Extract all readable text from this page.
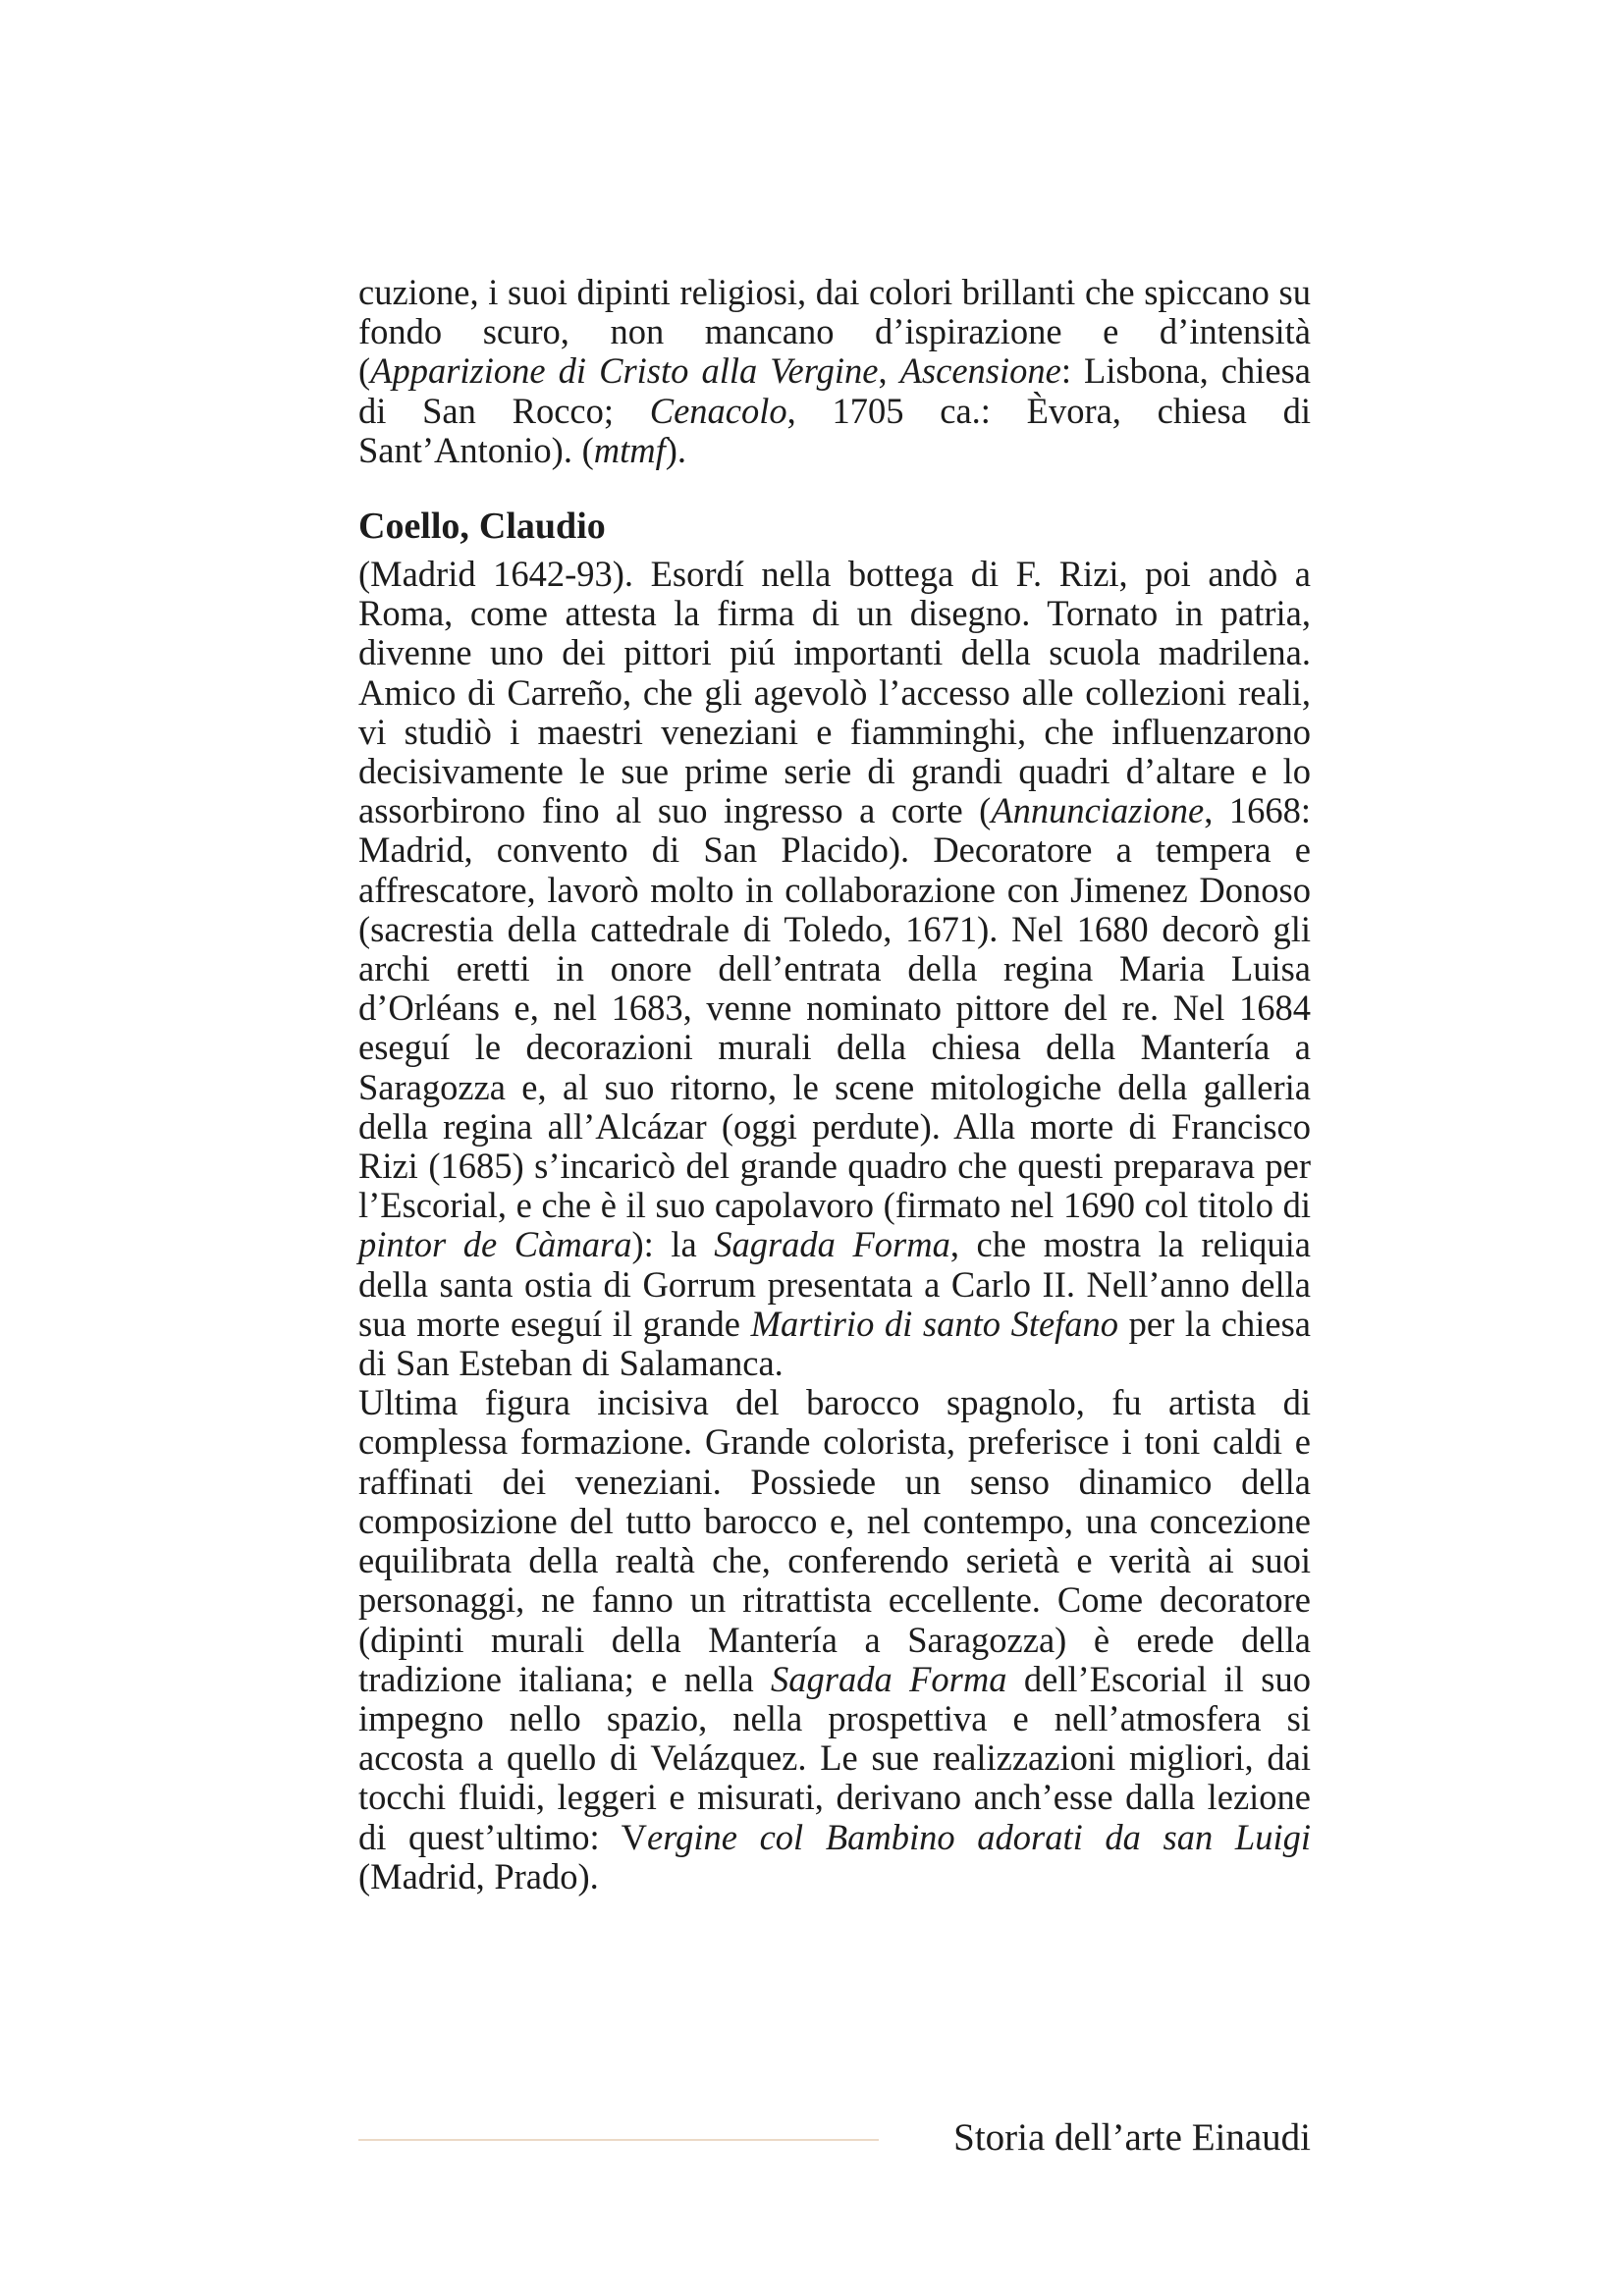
cuzione, i suoi dipinti religiosi, dai colori brillanti che spiccano su fondo scuro, non mancano d’ispirazione e d’intensità (Apparizione di Cristo alla Vergine, Ascensione: Lisbona, chiesa di San Rocco; Cenacolo, 1705 ca.: Èvora, chiesa di Sant’Antonio). (mtmf).

Coello, Claudio

(Madrid 1642-93). Esordí nella bottega di F. Rizi, poi andò a Roma, come attesta la firma di un disegno. Tornato in patria, divenne uno dei pittori piú importanti della scuola madrilena. Amico di Carreño, che gli agevolò l’accesso alle collezioni reali, vi studiò i maestri veneziani e fiamminghi, che influenzarono decisivamente le sue prime serie di grandi quadri d’altare e lo assorbirono fino al suo ingresso a corte (Annunciazione, 1668: Madrid, convento di San Placido). Decoratore a tempera e affrescatore, lavorò molto in collaborazione con Jimenez Donoso (sacrestia della cattedrale di Toledo, 1671). Nel 1680 decorò gli archi eretti in onore dell’entrata della regina Maria Luisa d’Orléans e, nel 1683, venne nominato pittore del re. Nel 1684 eseguí le decorazioni murali della chiesa della Mantería a Saragozza e, al suo ritorno, le scene mitologiche della galleria della regina all’Alcázar (oggi perdute). Alla morte di Francisco Rizi (1685) s’incaricò del grande quadro che questi preparava per l’Escorial, e che è il suo capolavoro (firmato nel 1690 col titolo di pintor de Càmara): la Sagrada Forma, che mostra la reliquia della santa ostia di Gorrum presentata a Carlo II. Nell’anno della sua morte eseguí il grande Martirio di santo Stefano per la chiesa di San Esteban di Salamanca.

Ultima figura incisiva del barocco spagnolo, fu artista di complessa formazione. Grande colorista, preferisce i toni caldi e raffinati dei veneziani. Possiede un senso dinamico della composizione del tutto barocco e, nel contempo, una concezione equilibrata della realtà che, conferendo serietà e verità ai suoi personaggi, ne fanno un ritrattista eccellente. Come decoratore (dipinti murali della Mantería a Saragozza) è erede della tradizione italiana; e nella Sagrada Forma dell’Escorial il suo impegno nello spazio, nella prospettiva e nell’atmosfera si accosta a quello di Velázquez. Le sue realizzazioni migliori, dai tocchi fluidi, leggeri e misurati, derivano anch’esse dalla lezione di quest’ultimo: Vergine col Bambino adorati da san Luigi (Madrid, Prado).

Storia dell’arte Einaudi
